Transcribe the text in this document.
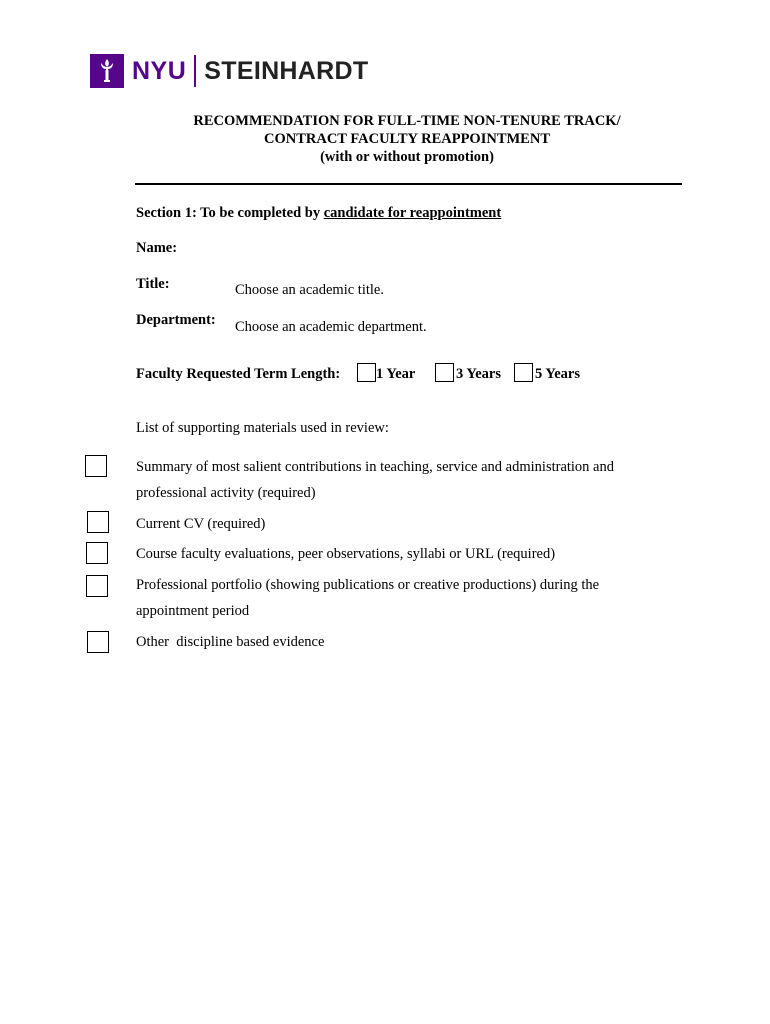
NYU STEINHARDT
RECOMMENDATION FOR FULL-TIME NON-TENURE TRACK/
CONTRACT FACULTY REAPPOINTMENT
(with or without promotion)
Section 1: To be completed by candidate for reappointment
Name:
Title:	Choose an academic title.
Department: Choose an academic department.
Faculty Requested Term Length: 1 Year	3 Years 5 Years
List of supporting materials used in review:
Summary of most salient contributions in teaching, service and administration and
professional activity (required)
Current CV (required)
Course faculty evaluations, peer observations, syllabi or URL (required)
Professional portfolio (showing publications or creative productions) during the
appointment period
Other  discipline based evidence
